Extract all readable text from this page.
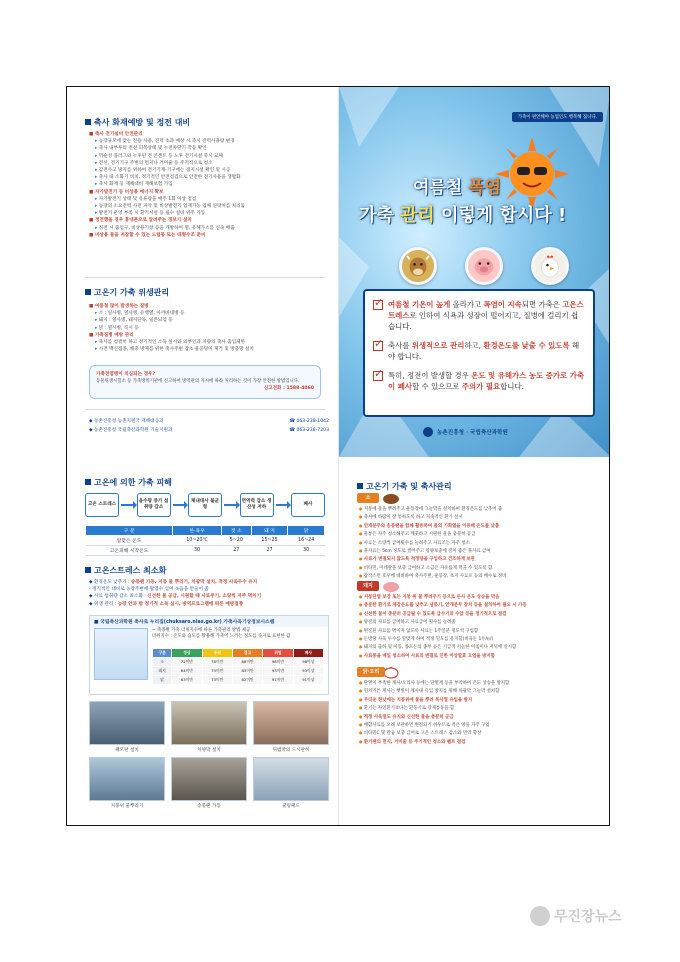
축사 화재예방 및 정전 대비
■ 축사 전기설비 안전관리
▸ 농장규모에 맞는 전용 사용, 전력 초과 예상 시 즉시 전력사용량 변경
▸ 축사 내부투의 전선 피복상태 및 누전차단기 작동 확인
▸ 먹순성 플러그와 누후된 전 콘센트 등 노후 전기시설 즉시 교체
▸ 전선, 전기기구 주변의 먼지나 거미줄 등 주기적으로 청소
▸ 감전사고 방지를 위하여 전기기계·기구에는 접지시설 확인 및 시공
▸ 축사 내 소화기 비치, 정기적인 안전점검으로 안전한 전기사용을 생활화
▸ 축사 화재 등 재해대비 재해보험 가입
■ 자가발전기 등 비상용 에너지 확보
▸ 자가발전기 상태 및 유류량을 매주 1회 이상 점검
▸ 농장의 소요전력 사전 파악 및 비상발전기 업재가능 업체 연락처를 처리둠
▸ 발전기 운영 부족 시 환기시설 등 필수 설비 위주 가동
■ 정전했을 경우 휴대폰으로 알려주는 경보기 설치
▸ 정전 시 출입구, 비상용기창 등을 개방하여 열, 유해가스를 신속 배출
■ 비상용 물을 저장할 수 있는 드럼통 또는 대형수조 준비
고온기 가축 위생관리
■ 여름철 많이 발생하는 질병
▸ 소 : 일사병, 열사병, 유행열, 아까바네병 등
▸ 돼지 : 열사병, 돼지단독, 일본뇌염 등
▸ 닭 : 열사병, 콕시 등
■ 가축질병 예방 관리
▸ 축사를 청결히 하고 정기적인 소독 실시와 외부인과 차량의 축사 출입제한
▸ 사전 백신접종, 해충 방제를 위한 축사주변 잡초·물웅덩이 제거 및 방충망 설치
가축전염병이 의심되는 경우?
동물위생시험소 등 가축방역기관에 신고하여 방역관의 지시에 따라 처리하는 것이 가장 안전한 방법입니다.
신고전화 : 1588-4060
◆ 농촌진흥청 농촌지원국 재해대응과	☎ 063-238-1042
◆ 농촌진흥청 국립축산과학원 기술지원과	☎ 063-238-7203
가축이 편안해야 농업인도 행복해 집니다.
여름철 폭염
가축 관리 이렇게 합시다 !
✓
여름철 기온이 높게 올라가고 폭염이 지속되면 가축은 고온스트레스로 인하여 식욕과 성장이 떨어지고, 질병에 걸리기 쉽습니다.
✓
축사를 위생적으로 관리하고, 환경온도를 낮출 수 있도록 해야 합니다.
✓
특히, 정전이 발생할 경우 온도 및 유해가스 농도 증가로 가축이 폐사할 수 있으므로 주의가 필요합니다.
농촌진흥청 · 국립축산과학원
고온에 의한 가축 피해
고온 스트레스
음수량 증가 섭취량 감소
체내대사 불균형
면역력 감소 생산성 저하
폐사
구 분	한·육우	젖 소	돼 지	닭
알맞은 온도	10~20℃	5~20	15~25	16~24
고온피해 시작온도	30	27	27	30
고온스트레스 최소화
◆ 환경온도 낮추기 : 송풍팬 가동, 지붕 물 뿌리기, 차광막 설치, 적정 사육두수 유지
- 정기적인 대비로 농장주변에 활엽수 심어 녹음을 만들어 줌
◆ 사료 섭취량 감소 최소화 : 신선한 물 공급, 시원할 때 사료주기, 소량씩 자주 먹이기
◆ 위생 관리 : 농장 안과 밖 정기적 소독 실시, 방역프로그램에 따른 예방접종
■ 국립축산과학원 축사로 누리집(chuksaro.nias.go.kr) 가축사육기상정보시스템
~ 축종별 가축 더위지수에 따른 가축관리 방법 제공
더위지수 : 온도와 습도를 활용해 가축이 느끼는 정도를 숫자로 표현한 값
구분	정상	주의	경고	위험	폐사
소	72미만	78미만	88미만	98미만	98이상
돼지	64미만	73미만	83미만	93미만	93이상
닭	63미만	73미만	82미만	91미만	91이상
패모판 설치	차양막 설치	뒤범막의 드시판히
지붕위 물뿌리기	송풍팬 가동	쿨링패드
고온기 가축 및 축사관리
소
● 지붕에 물을 뿌려주고 운동장에 그늘막을 설치하여 환경온도를 낮추어 줌
● 축사에 바람이 잘 통하도록 하고 지속적인 환기 실시
● 안개분무와 송풍팬을 함께 활용하여 몸의 기화열을 이용해 온도를 낮춤
● 물통은 자주 청소해주고 깨끗하고 시원한 물을 충분히 공급
● 사료는 소량씩 급여횟수를 늘려주고 사료조는 자주 청소
● 풀사료는 5cm 정도로 썰어주고 영양보충에 질이 좋은 풀사료 급여
● 사료가 변질되지 않도록 적정량을 구입하고 건조하게 보관
● 비타민, 미네랄을 보충 급여하고 소금은 자유롭게 먹을 수 있도록 함
● 갑작스런 호우에 대비하여 축사주변, 운동장, 초지 사료포 등의 배수로 정비
돼지
● 지붕단열 보강 또는 지붕 위 물 뿌려주기 등으로 돈사 온도 상승을 막음
● 충분한 환기로 체감온도를 낮추고 냉풍기, 안개분무 장치 등을 설치하여 필요 시 가동
● 신선한 물이 충분히 공급될 수 있도록 급수기의 수압 등을 정기적으로 점검
● 양질의 사료를 급여하고 사료급여 횟수를 늘려줌
● 변질된 사료를 먹이지 않도록 사료는 1주일분 정도씩 구입함
● 돈방당 사육 두수를 알맞게 하여 적정 밀도를 유지함(비육돈 1두/㎡)
● 돼지의 출하 및 이동, 종모돈의 종부 등은 기급적 서늘한 아침이나 저녁에 실시함
● 사료통을 매일 청소하여 사료의 변질로 인한 이상발효 오염을 방지함
닭·오리
● 단열이 부족한 계사/오리사 등에는 단열재 등을 부착하여 온도 상승을 방지함
● 윈치커튼 계사는 햇빛이 계사내 유입 방지를 위해 차광막 그늘막 설치함
● 무더운 한낮에는 지붕위에 물을 뿌려 복사열 유입을 방지
● 환기는 자연환기보다는 환풍기로 강제통풍을 함
● 적정 사육밀도 유지와 신선한 물을 충분히 공급
● 배합사료를 오래 보관하면 변질되기 쉬우므로 적은 양을 자주 구입
● 비타민C 및 칼슘 보충 급여로 고온 스트레스 감소와 면역 향상
● 환기팬의 먼지, 거미줄 등 주기적인 청소와 벨트 점검
무진장뉴스
